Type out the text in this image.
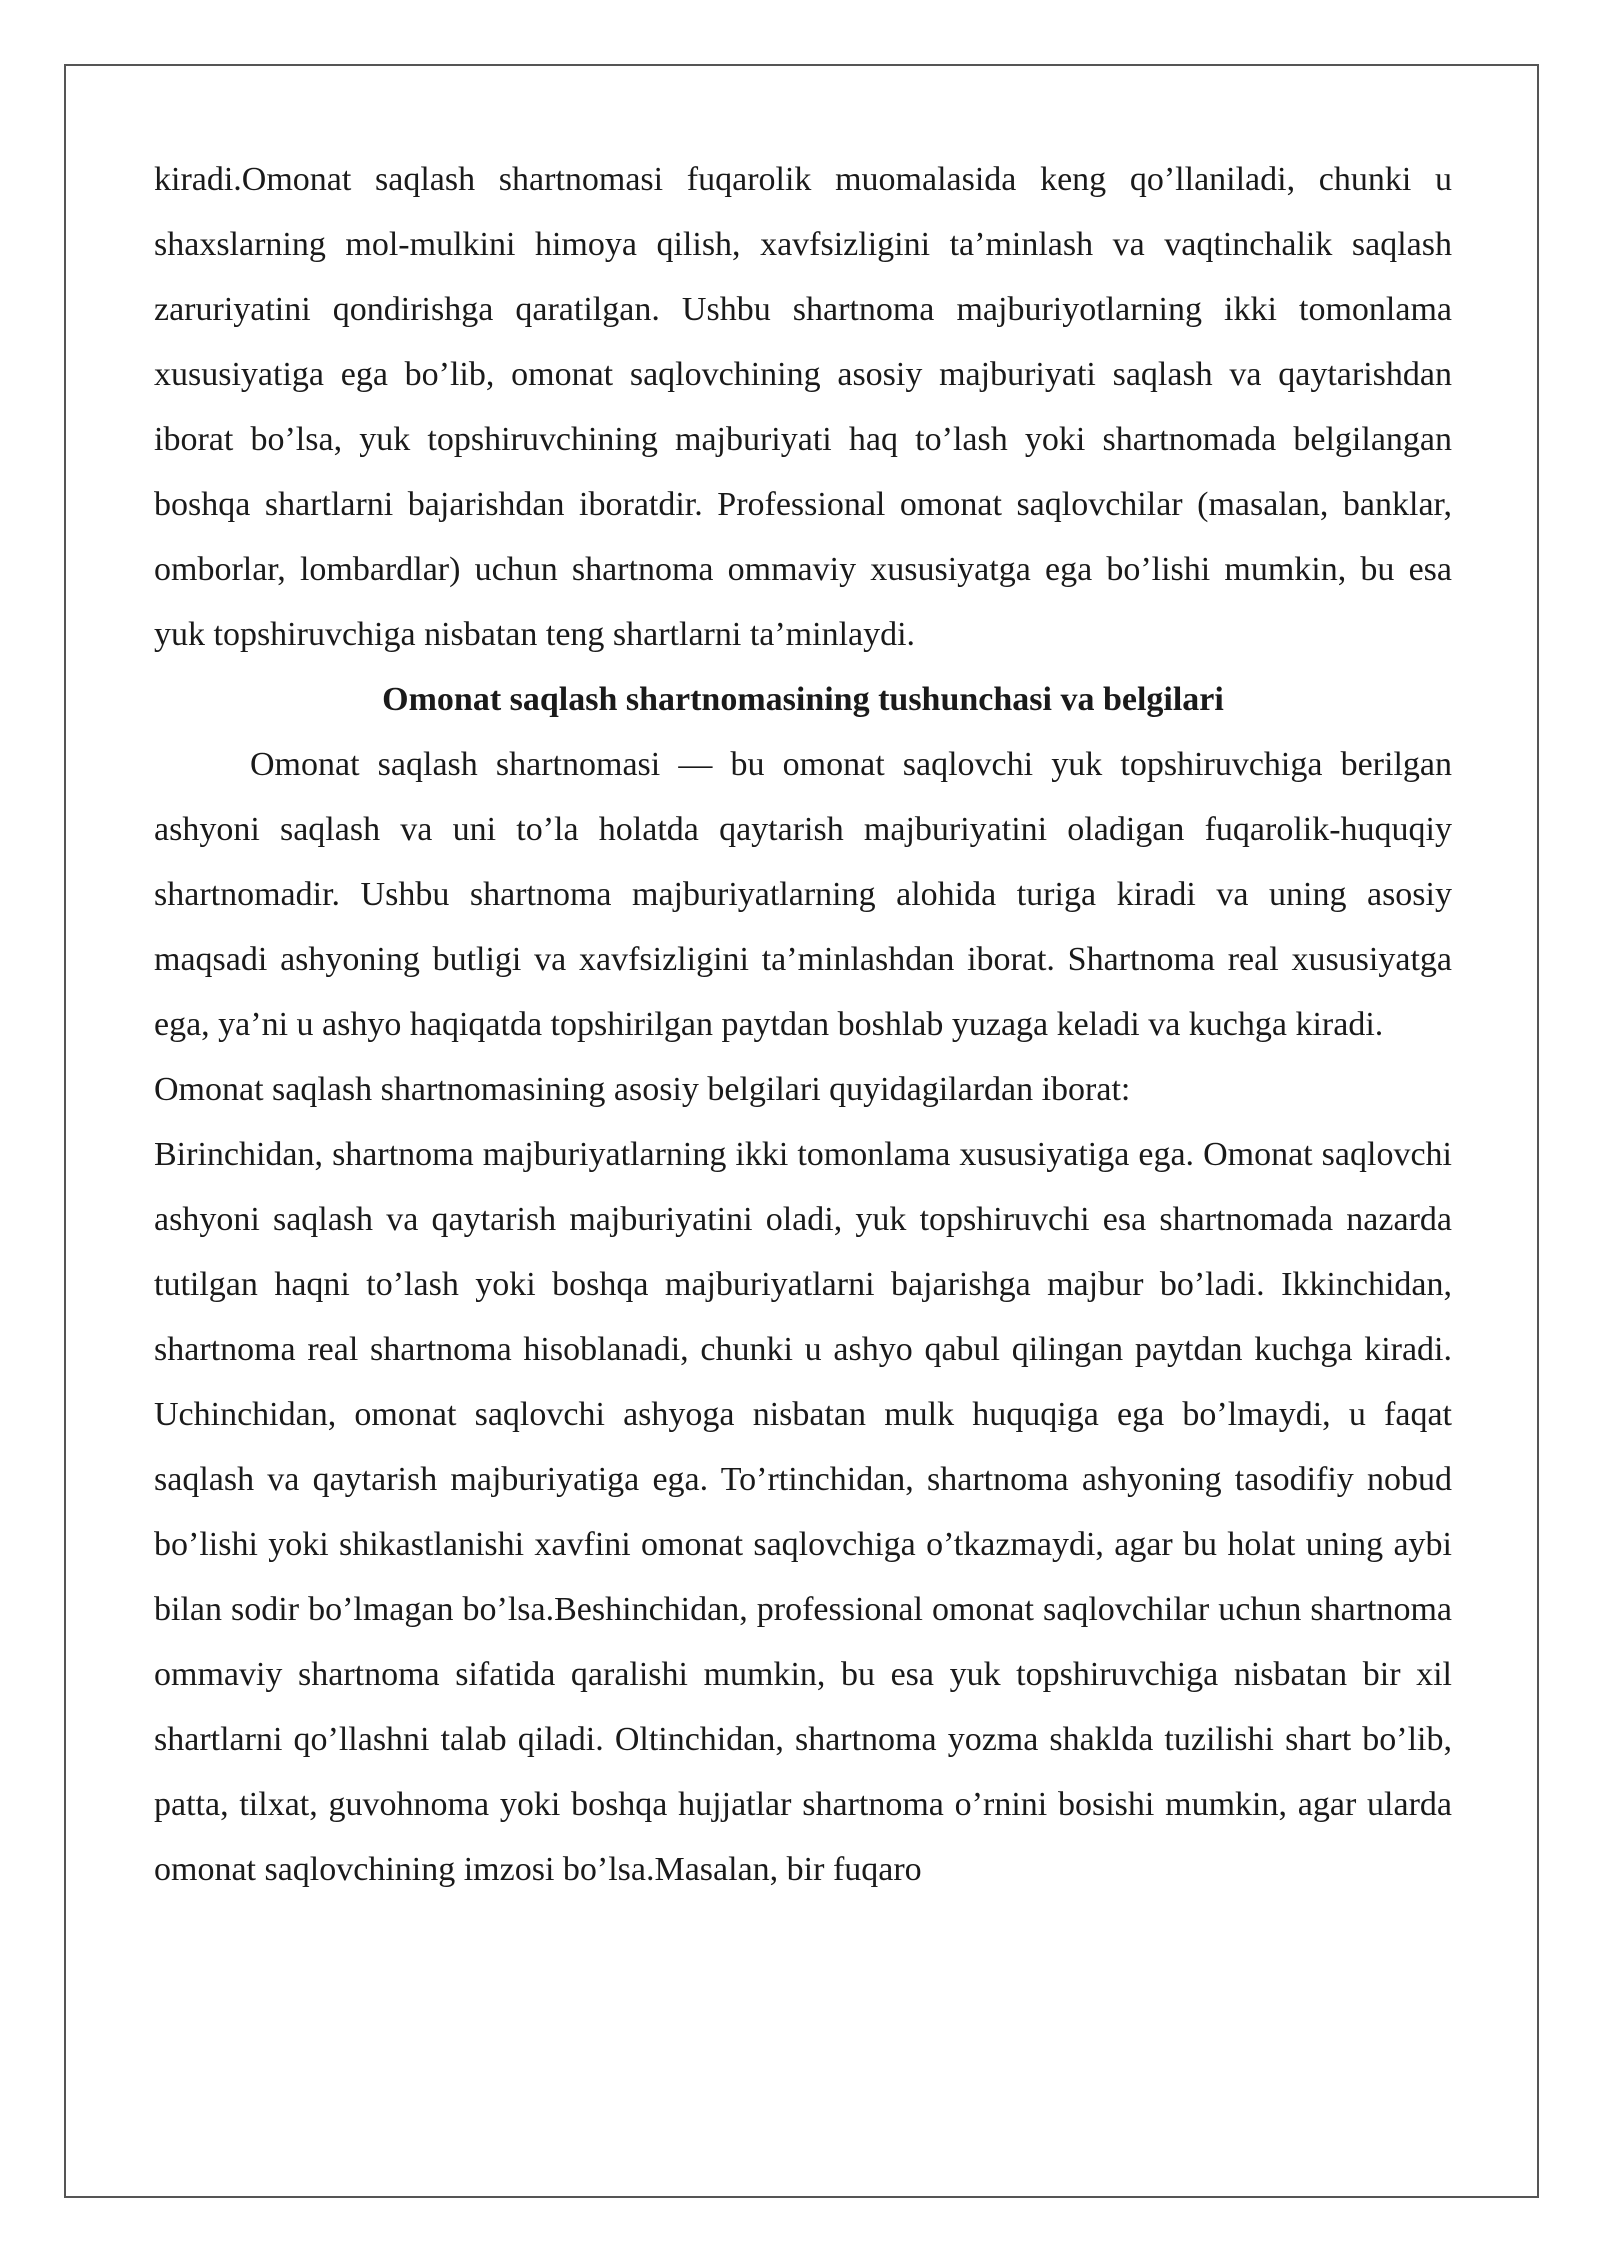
kiradi.Omonat saqlash shartnomasi fuqarolik muomalasida keng qo’llaniladi, chunki u shaxslarning mol-mulkini himoya qilish, xavfsizligini ta’minlash va vaqtinchalik saqlash zaruriyatini qondirishga qaratilgan. Ushbu shartnoma majburiyotlarning ikki tomonlama xususiyatiga ega bo’lib, omonat saqlovchining asosiy majburiyati saqlash va qaytarishdan iborat bo’lsa, yuk topshiruvchining majburiyati haq to’lash yoki shartnomada belgilangan boshqa shartlarni bajarishdan iboratdir. Professional omonat saqlovchilar (masalan, banklar, omborlar, lombardlar) uchun shartnoma ommaviy xususiyatga ega bo’lishi mumkin, bu esa yuk topshiruvchiga nisbatan teng shartlarni ta’minlaydi.

Omonat saqlash shartnomasining tushunchasi va belgilari

Omonat saqlash shartnomasi — bu omonat saqlovchi yuk topshiruvchiga berilgan ashyoni saqlash va uni to’la holatda qaytarish majburiyatini oladigan fuqarolik-huquqiy shartnomadir. Ushbu shartnoma majburiyatlarning alohida turiga kiradi va uning asosiy maqsadi ashyoning butligi va xavfsizligini ta’minlashdan iborat. Shartnoma real xususiyatga ega, ya’ni u ashyo haqiqatda topshirilgan paytdan boshlab yuzaga keladi va kuchga kiradi.

Omonat saqlash shartnomasining asosiy belgilari quyidagilardan iborat:

Birinchidan, shartnoma majburiyatlarning ikki tomonlama xususiyatiga ega. Omonat saqlovchi ashyoni saqlash va qaytarish majburiyatini oladi, yuk topshiruvchi esa shartnomada nazarda tutilgan haqni to’lash yoki boshqa majburiyatlarni bajarishga majbur bo’ladi. Ikkinchidan, shartnoma real shartnoma hisoblanadi, chunki u ashyo qabul qilingan paytdan kuchga kiradi. Uchinchidan, omonat saqlovchi ashyoga nisbatan mulk huquqiga ega bo’lmaydi, u faqat saqlash va qaytarish majburiyatiga ega. To’rtinchidan, shartnoma ashyoning tasodifiy nobud bo’lishi yoki shikastlanishi xavfini omonat saqlovchiga o’tkazmaydi, agar bu holat uning aybi bilan sodir bo’lmagan bo’lsa.Beshinchidan, professional omonat saqlovchilar uchun shartnoma ommaviy shartnoma sifatida qaralishi mumkin, bu esa yuk topshiruvchiga nisbatan bir xil shartlarni qo’llashni talab qiladi. Oltinchidan, shartnoma yozma shaklda tuzilishi shart bo’lib, patta, tilxat, guvohnoma yoki boshqa hujjatlar shartnoma o’rnini bosishi mumkin, agar ularda omonat saqlovchining imzosi bo’lsa.Masalan, bir fuqaro
